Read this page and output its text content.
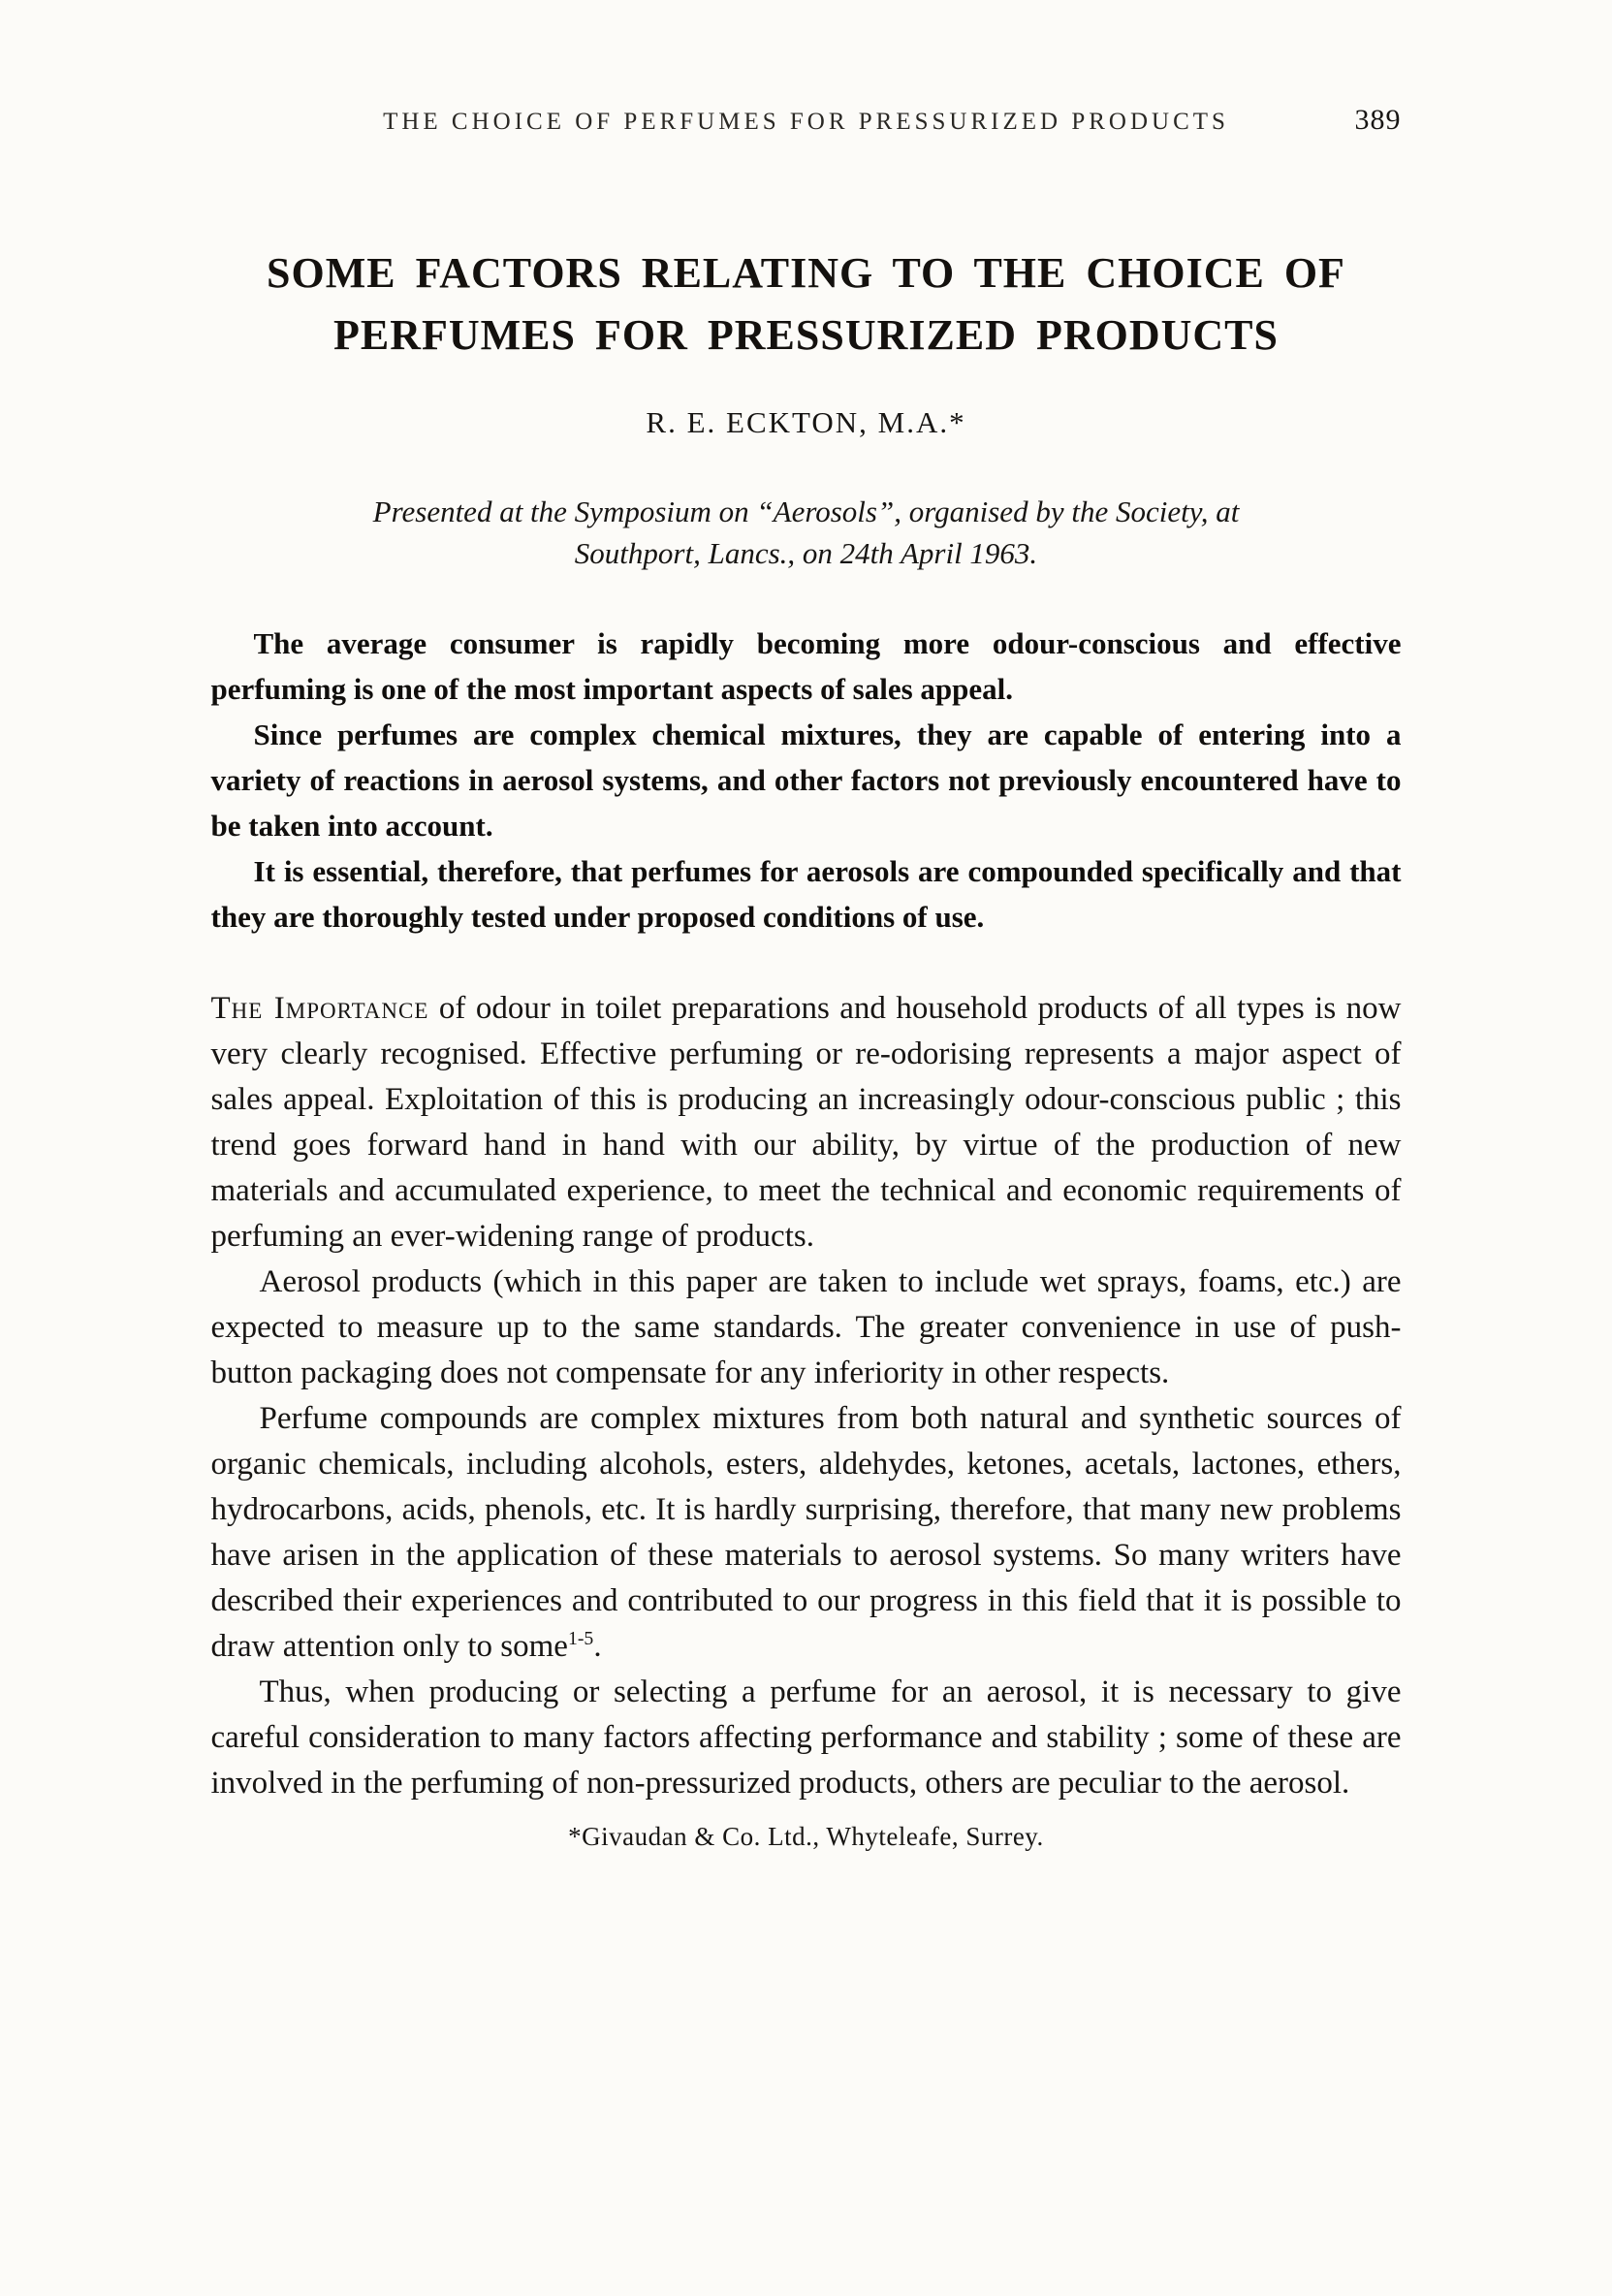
THE CHOICE OF PERFUMES FOR PRESSURIZED PRODUCTS	389
SOME FACTORS RELATING TO THE CHOICE OF
PERFUMES FOR PRESSURIZED PRODUCTS
R. E. ECKTON, M.A.*
Presented at the Symposium on “Aerosols”, organised by the Society, at
Southport, Lancs., on 24th April 1963.

The average consumer is rapidly becoming more odour-conscious and effective perfuming is one of the most important aspects of sales appeal.

Since perfumes are complex chemical mixtures, they are capable of entering into a variety of reactions in aerosol systems, and other factors not previously encountered have to be taken into account.

It is essential, therefore, that perfumes for aerosols are compounded specifically and that they are thoroughly tested under proposed conditions of use.

The Importance of odour in toilet preparations and household products of all types is now very clearly recognised. Effective perfuming or re-odorising represents a major aspect of sales appeal. Exploitation of this is producing an increasingly odour-conscious public ; this trend goes forward hand in hand with our ability, by virtue of the production of new materials and accumulated experience, to meet the technical and economic requirements of perfuming an ever-widening range of products.

Aerosol products (which in this paper are taken to include wet sprays, foams, etc.) are expected to measure up to the same standards. The greater convenience in use of push-button packaging does not compensate for any inferiority in other respects.

Perfume compounds are complex mixtures from both natural and synthetic sources of organic chemicals, including alcohols, esters, aldehydes, ketones, acetals, lactones, ethers, hydrocarbons, acids, phenols, etc. It is hardly surprising, therefore, that many new problems have arisen in the application of these materials to aerosol systems. So many writers have described their experiences and contributed to our progress in this field that it is possible to draw attention only to some$^{1-5}$.

Thus, when producing or selecting a perfume for an aerosol, it is necessary to give careful consideration to many factors affecting performance and stability ; some of these are involved in the perfuming of non-pressurized products, others are peculiar to the aerosol.

*Givaudan & Co. Ltd., Whyteleafe, Surrey.
